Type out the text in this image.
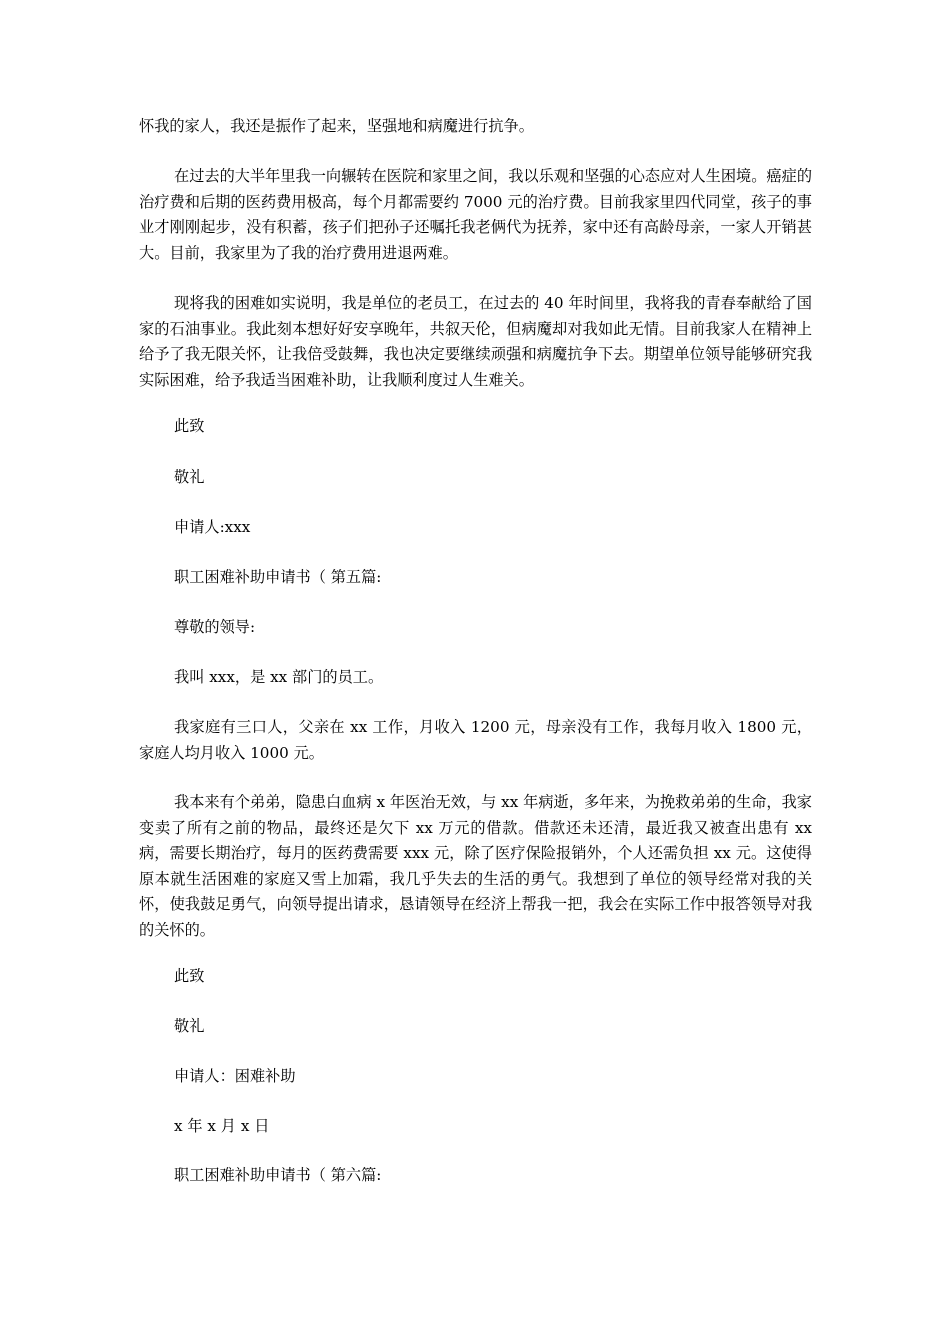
怀我的家人，我还是振作了起来，坚强地和病魔进行抗争。

在过去的大半年里我一向辗转在医院和家里之间，我以乐观和坚强的心态应对人生困境。癌症的治疗费和后期的医药费用极高，每个月都需要约 7000 元的治疗费。目前我家里四代同堂，孩子的事业才刚刚起步，没有积蓄，孩子们把孙子还嘱托我老俩代为抚养，家中还有高龄母亲，一家人开销甚大。目前，我家里为了我的治疗费用进退两难。

现将我的困难如实说明，我是单位的老员工，在过去的 40 年时间里，我将我的青春奉献给了国家的石油事业。我此刻本想好好安享晚年，共叙天伦，但病魔却对我如此无情。目前我家人在精神上给予了我无限关怀，让我倍受鼓舞，我也决定要继续顽强和病魔抗争下去。期望单位领导能够研究我实际困难，给予我适当困难补助，让我顺利度过人生难关。

此致

敬礼

申请人:xxx

职工困难补助申请书（ 第五篇:

尊敬的领导:

我叫 xxx，是 xx 部门的员工。

我家庭有三口人，父亲在 xx 工作，月收入 1200 元，母亲没有工作，我每月收入 1800 元，家庭人均月收入 1000 元。

我本来有个弟弟，隐患白血病 x 年医治无效，与 xx 年病逝，多年来，为挽救弟弟的生命，我家变卖了所有之前的物品，最终还是欠下 xx 万元的借款。借款还未还清，最近我又被查出患有 xx 病，需要长期治疗，每月的医药费需要 xxx 元，除了医疗保险报销外，个人还需负担 xx 元。这使得原本就生活困难的家庭又雪上加霜，我几乎失去的生活的勇气。我想到了单位的领导经常对我的关怀，使我鼓足勇气，向领导提出请求，恳请领导在经济上帮我一把，我会在实际工作中报答领导对我的关怀的。

此致

敬礼

申请人：困难补助

x 年 x 月 x 日

职工困难补助申请书（ 第六篇:
